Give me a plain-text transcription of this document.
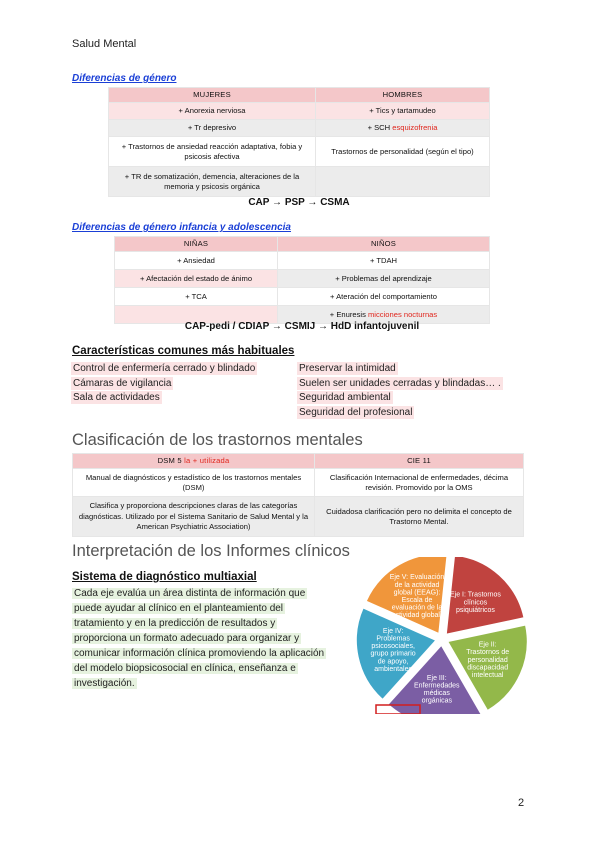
Salud Mental
Diferencias de género
MUJERES	HOMBRES
+ Anorexia nerviosa	+ Tics y tartamudeo
+ Tr depresivo	+ SCH esquizofrenia
+ Trastornos de ansiedad reacción adaptativa, fobia y psicosis afectiva	Trastornos de personalidad (según el tipo)
+ TR de somatización, demencia, alteraciones de la memoria y psicosis orgánica	
CAP → PSP → CSMA
Diferencias de género infancia y adolescencia
NIÑAS	NIÑOS
+ Ansiedad	+ TDAH
+ Afectación del estado de ánimo	+ Problemas del aprendizaje
+ TCA	+ Ateración del comportamiento
	+ Enuresis micciones nocturnas
CAP-pedi / CDIAP → CSMIJ → HdD infantojuvenil
Características comunes más habituales
Control de enfermería cerrado y blindado
Cámaras de vigilancia
Sala de actividades
Preservar la intimidad
Suelen ser unidades cerradas y blindadas… .
Seguridad ambiental
Seguridad del profesional
Clasificación de los trastornos mentales
DSM 5 la + utilizada	CIE 11
Manual de diagnósticos y estadístico de los trastornos mentales (DSM)	Clasificación Internacional de enfermedades, décima revisión. Promovido por la OMS
Clasifica y proporciona descripciones claras de las categorías diagnósticas. Utilizado por el Sistema Sanitario de Salud Mental y la American Psychiatric Association)	Cuidadosa clarificación pero no delimita el concepto de Trastorno Mental.
Interpretación de los Informes clínicos
Sistema de diagnóstico multiaxial
Cada eje evalúa un área distinta de información que
puede ayudar al clínico en el planteamiento del
tratamiento y en la predicción de resultados y
proporciona un formato adecuado para organizar y
comunicar información clínica promoviendo la aplicación
del modelo biopsicosocial en clínica, enseñanza e
investigación.
Eje I: Trastornos
clínicos
psiquiátricos
Eje II:
Trastornos de
personalidad
discapacidad
intelectual
Eje III:
Enfermedades
médicas
orgánicas
Eje IV:
Problemas
psicosociales,
grupo primario
de apoyo,
ambientales
Eje V: Evaluación
de la actividad
global (EEAG):
Escala de
evaluación de la
actividad global)
2
